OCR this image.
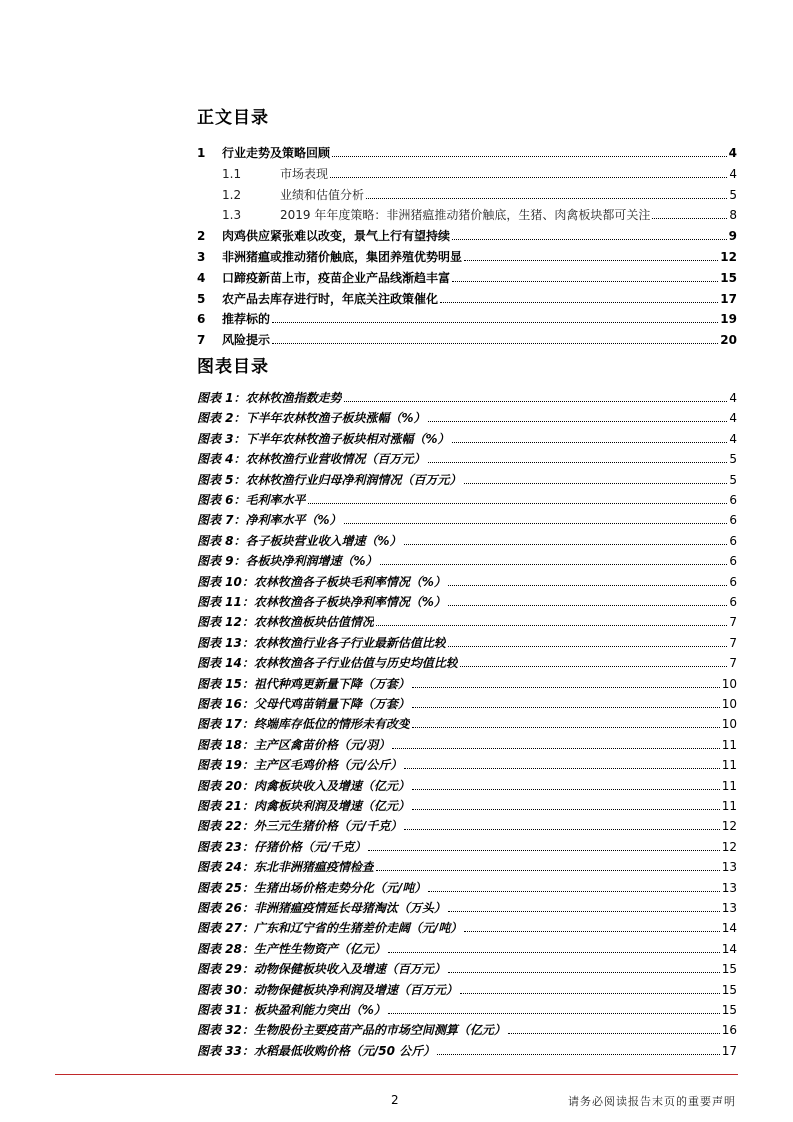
正文目录
1	行业走势及策略回顾	4
1.1	市场表现	4
1.2	业绩和估值分析	5
1.3	2019 年年度策略：非洲猪瘟推动猪价触底，生猪、肉禽板块都可关注	8
2	肉鸡供应紧张难以改变，景气上行有望持续	9
3	非洲猪瘟或推动猪价触底，集团养殖优势明显	12
4	口蹄疫新苗上市，疫苗企业产品线渐趋丰富	15
5	农产品去库存进行时，年底关注政策催化	17
6	推荐标的	19
7	风险提示	20
图表目录
图表 1： 农林牧渔指数走势	4
图表 2： 下半年农林牧渔子板块涨幅（%）	4
图表 3： 下半年农林牧渔子板块相对涨幅（%）	4
图表 4： 农林牧渔行业营收情况（百万元）	5
图表 5： 农林牧渔行业归母净利润情况（百万元）	5
图表 6： 毛利率水平	6
图表 7： 净利率水平（%）	6
图表 8： 各子板块营业收入增速（%）	6
图表 9： 各板块净利润增速（%）	6
图表 10： 农林牧渔各子板块毛利率情况（%）	6
图表 11： 农林牧渔各子板块净利率情况（%）	6
图表 12： 农林牧渔板块估值情况	7
图表 13： 农林牧渔行业各子行业最新估值比较	7
图表 14： 农林牧渔各子行业估值与历史均值比较	7
图表 15： 祖代种鸡更新量下降（万套）	10
图表 16： 父母代鸡苗销量下降（万套）	10
图表 17： 终端库存低位的情形未有改变	10
图表 18： 主产区禽苗价格（元/羽）	11
图表 19： 主产区毛鸡价格（元/公斤）	11
图表 20： 肉禽板块收入及增速（亿元）	11
图表 21： 肉禽板块利润及增速（亿元）	11
图表 22： 外三元生猪价格（元/千克）	12
图表 23： 仔猪价格（元/千克）	12
图表 24： 东北非洲猪瘟疫情检查	13
图表 25： 生猪出场价格走势分化（元/吨）	13
图表 26： 非洲猪瘟疫情延长母猪淘汰（万头）	13
图表 27： 广东和辽宁省的生猪差价走阔（元/吨）	14
图表 28： 生产性生物资产（亿元）	14
图表 29： 动物保健板块收入及增速（百万元）	15
图表 30： 动物保健板块净利润及增速（百万元）	15
图表 31： 板块盈利能力突出（%）	15
图表 32： 生物股份主要疫苗产品的市场空间测算（亿元）	16
图表 33： 水稻最低收购价格（元/50 公斤）	17
2	请务必阅读报告末页的重要声明
